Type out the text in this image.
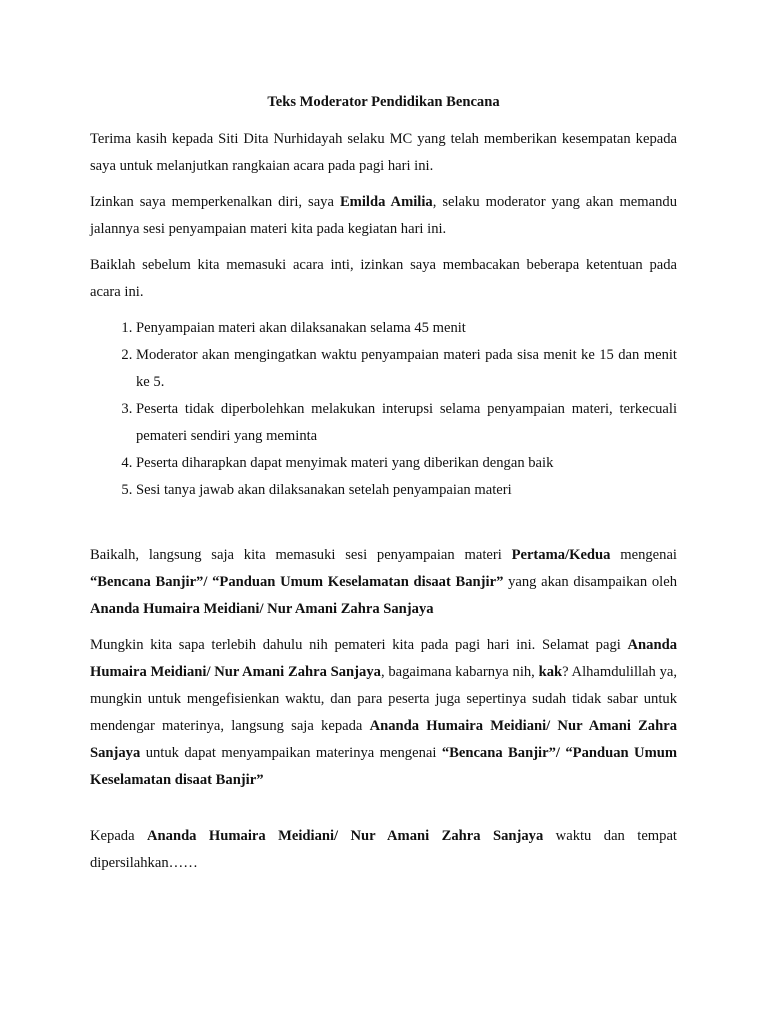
Teks Moderator Pendidikan Bencana

Terima kasih kepada Siti Dita Nurhidayah selaku MC yang telah memberikan kesempatan kepada saya untuk melanjutkan rangkaian acara pada pagi hari ini.

Izinkan saya memperkenalkan diri, saya Emilda Amilia, selaku moderator yang akan memandu jalannya sesi penyampaian materi kita pada kegiatan hari ini.

Baiklah sebelum kita memasuki acara inti, izinkan saya membacakan beberapa ketentuan pada acara ini.

1. Penyampaian materi akan dilaksanakan selama 45 menit
2. Moderator akan mengingatkan waktu penyampaian materi pada sisa menit ke 15 dan menit ke 5.
3. Peserta tidak diperbolehkan melakukan interupsi selama penyampaian materi, terkecuali pemateri sendiri yang meminta
4. Peserta diharapkan dapat menyimak materi yang diberikan dengan baik
5. Sesi tanya jawab akan dilaksanakan setelah penyampaian materi

Baikalh, langsung saja kita memasuki sesi penyampaian materi Pertama/Kedua mengenai “Bencana Banjir”/ “Panduan Umum Keselamatan disaat Banjir” yang akan disampaikan oleh Ananda Humaira Meidiani/ Nur Amani Zahra Sanjaya

Mungkin kita sapa terlebih dahulu nih pemateri kita pada pagi hari ini. Selamat pagi Ananda Humaira Meidiani/ Nur Amani Zahra Sanjaya, bagaimana kabarnya nih, kak? Alhamdulillah ya, mungkin untuk mengefisienkan waktu, dan para peserta juga sepertinya sudah tidak sabar untuk mendengar materinya, langsung saja kepada Ananda Humaira Meidiani/ Nur Amani Zahra Sanjaya untuk dapat menyampaikan materinya mengenai “Bencana Banjir”/ “Panduan Umum Keselamatan disaat Banjir”

Kepada Ananda Humaira Meidiani/ Nur Amani Zahra Sanjaya waktu dan tempat dipersilahkan……
